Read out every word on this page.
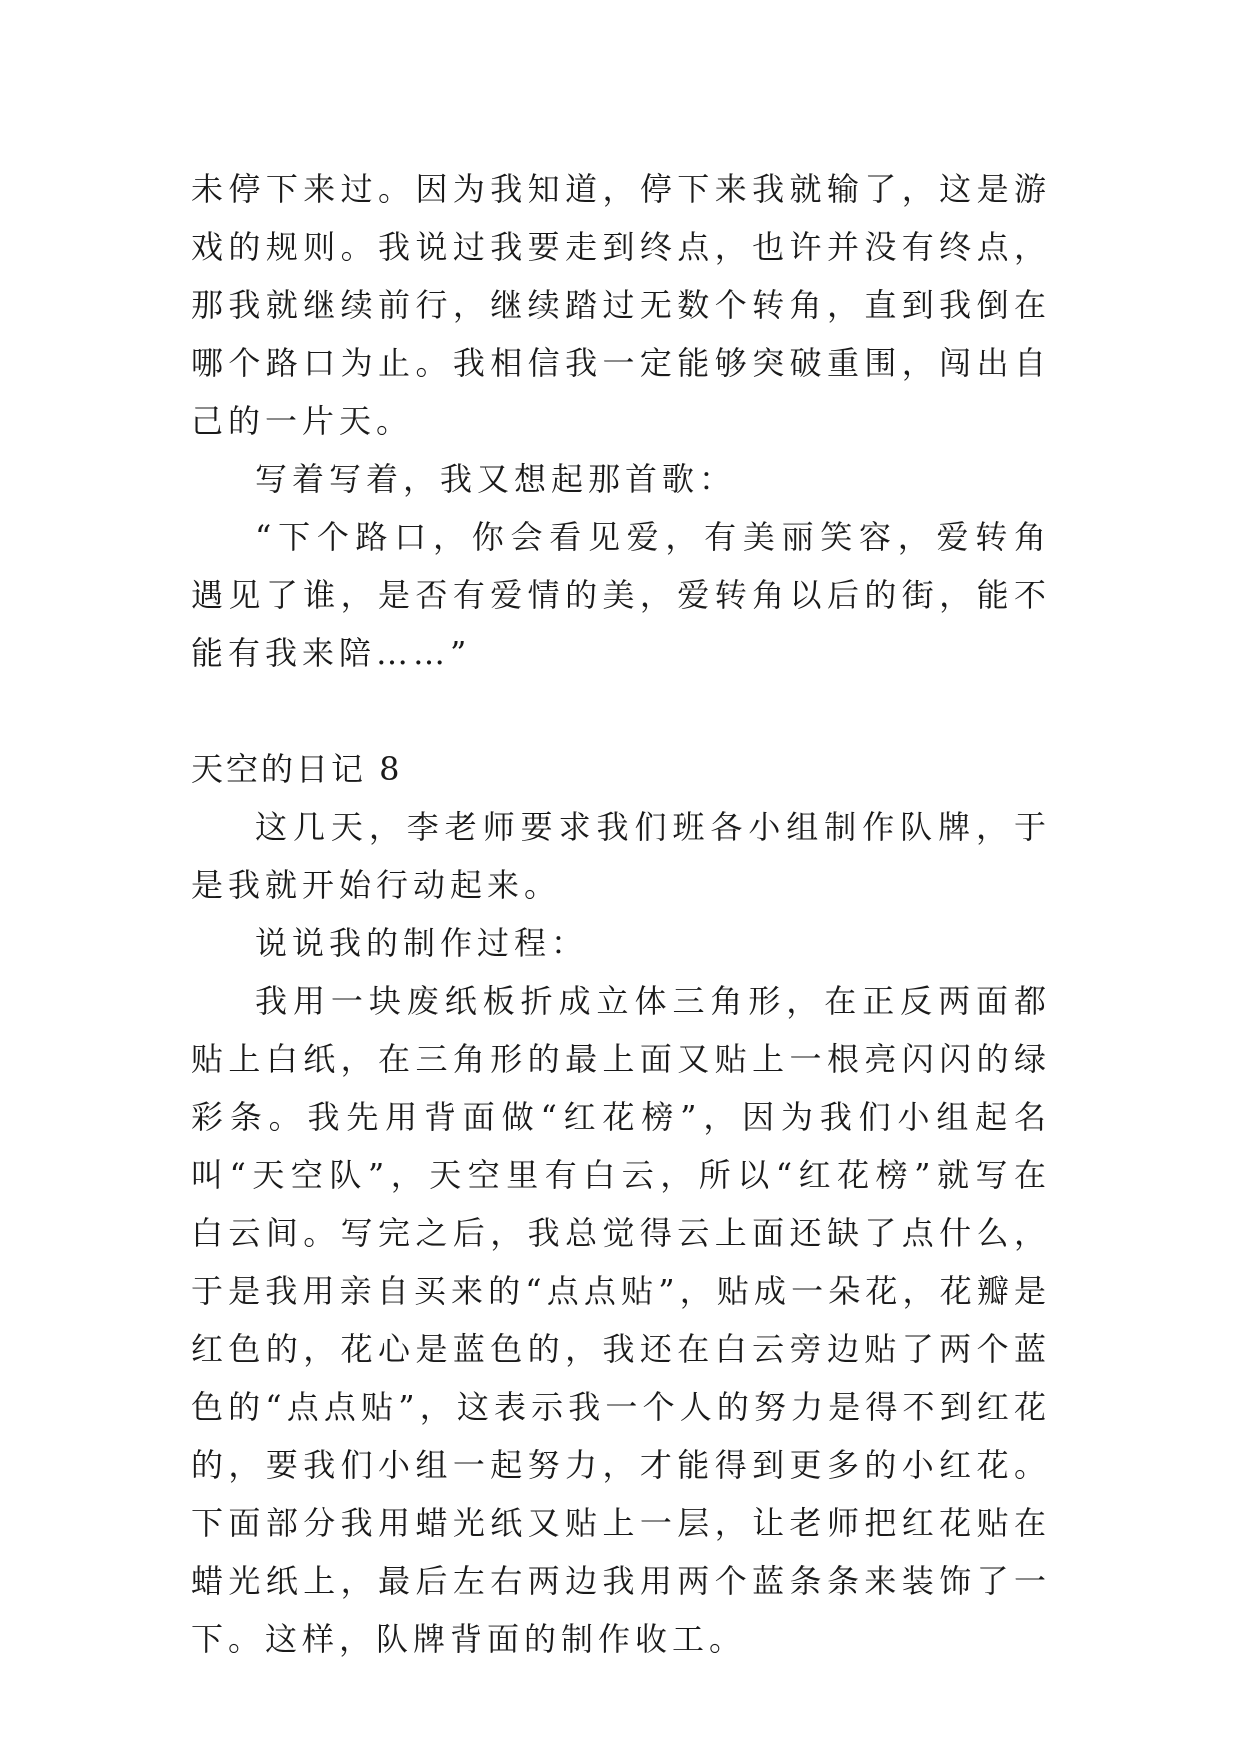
未停下来过。因为我知道，停下来我就输了，这是游戏的规则。我说过我要走到终点，也许并没有终点，那我就继续前行，继续踏过无数个转角，直到我倒在哪个路口为止。我相信我一定能够突破重围，闯出自己的一片天。

写着写着，我又想起那首歌：

“下个路口，你会看见爱，有美丽笑容，爱转角遇见了谁，是否有爱情的美，爱转角以后的街，能不能有我来陪……”

天空的日记 8

这几天，李老师要求我们班各小组制作队牌，于是我就开始行动起来。

说说我的制作过程：

我用一块废纸板折成立体三角形，在正反两面都贴上白纸，在三角形的最上面又贴上一根亮闪闪的绿彩条。我先用背面做“红花榜”，因为我们小组起名叫“天空队”，天空里有白云，所以“红花榜”就写在白云间。写完之后，我总觉得云上面还缺了点什么，于是我用亲自买来的“点点贴”，贴成一朵花，花瓣是红色的，花心是蓝色的，我还在白云旁边贴了两个蓝色的“点点贴”，这表示我一个人的努力是得不到红花的，要我们小组一起努力，才能得到更多的小红花。下面部分我用蜡光纸又贴上一层，让老师把红花贴在蜡光纸上，最后左右两边我用两个蓝条条来装饰了一下。这样，队牌背面的制作收工。
